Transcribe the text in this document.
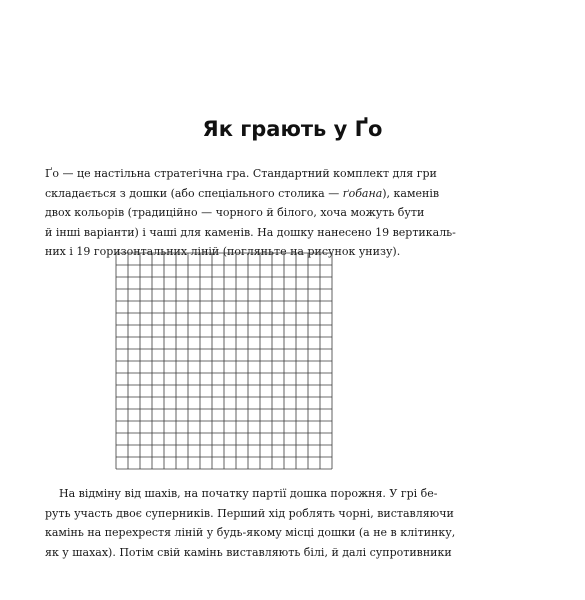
Як грають у Ґо

Ґо — це настільна стратегічна гра. Стандартний комплект для гри
складається з дошки (або спеціального столика — ґобана), каменів
двох кольорів (традиційно — чорного й білого, хоча можуть бути
й інші варіанти) і чаші для каменів. На дошку нанесено 19 вертикаль-
них і 19 горизонтальних ліній (погляньте на рисунок унизу).

На відміну від шахів, на початку партії дошка порожня. У грі бе-
руть участь двоє суперників. Перший хід роблять чорні, виставляючи
камінь на перехрестя ліній у будь-якому місці дошки (а не в клітинку,
як у шахах). Потім свій камінь виставляють білі, й далі супротивники
